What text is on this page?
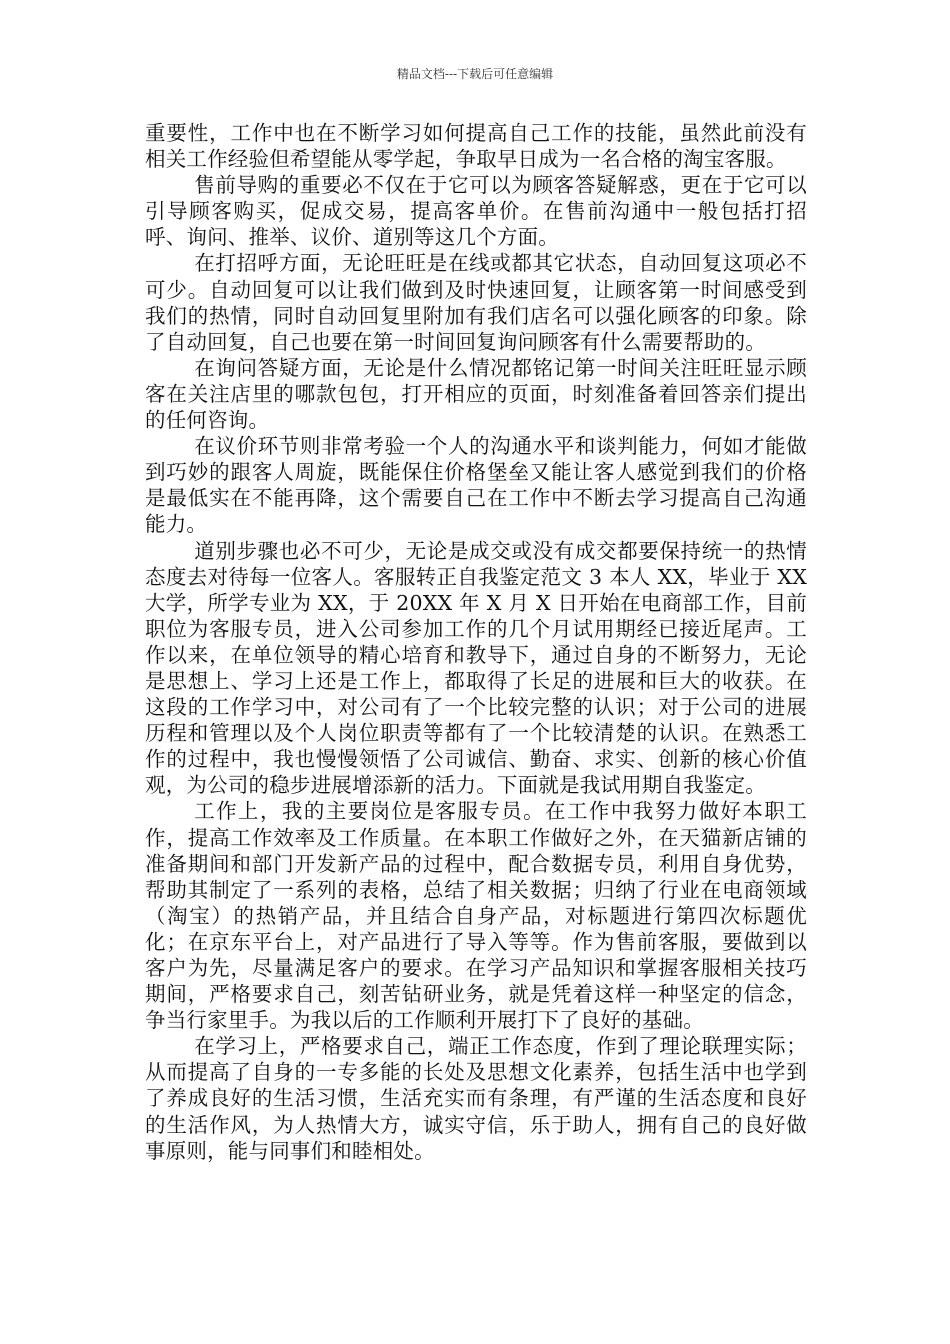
精品文档---下载后可任意编辑

重要性，工作中也在不断学习如何提高自己工作的技能，虽然此前没有相关工作经验但希望能从零学起，争取早日成为一名合格的淘宝客服。

售前导购的重要必不仅在于它可以为顾客答疑解惑，更在于它可以引导顾客购买，促成交易，提高客单价。在售前沟通中一般包括打招呼、询问、推举、议价、道别等这几个方面。

在打招呼方面，无论旺旺是在线或都其它状态，自动回复这项必不可少。自动回复可以让我们做到及时快速回复，让顾客第一时间感受到我们的热情，同时自动回复里附加有我们店名可以强化顾客的印象。除了自动回复，自己也要在第一时间回复询问顾客有什么需要帮助的。

在询问答疑方面，无论是什么情况都铭记第一时间关注旺旺显示顾客在关注店里的哪款包包，打开相应的页面，时刻准备着回答亲们提出的任何咨询。

在议价环节则非常考验一个人的沟通水平和谈判能力，何如才能做到巧妙的跟客人周旋，既能保住价格堡垒又能让客人感觉到我们的价格是最低实在不能再降，这个需要自己在工作中不断去学习提高自己沟通能力。

道别步骤也必不可少，无论是成交或没有成交都要保持统一的热情态度去对待每一位客人。客服转正自我鉴定范文 3 本人 XX，毕业于 XX 大学，所学专业为 XX，于 20XX 年 X 月 X 日开始在电商部工作，目前职位为客服专员，进入公司参加工作的几个月试用期经已接近尾声。工作以来，在单位领导的精心培育和教导下，通过自身的不断努力，无论是思想上、学习上还是工作上，都取得了长足的进展和巨大的收获。在这段的工作学习中，对公司有了一个比较完整的认识；对于公司的进展历程和管理以及个人岗位职责等都有了一个比较清楚的认识。在熟悉工作的过程中，我也慢慢领悟了公司诚信、勤奋、求实、创新的核心价值观，为公司的稳步进展增添新的活力。下面就是我试用期自我鉴定。

工作上，我的主要岗位是客服专员。在工作中我努力做好本职工作，提高工作效率及工作质量。在本职工作做好之外，在天猫新店铺的准备期间和部门开发新产品的过程中，配合数据专员，利用自身优势，帮助其制定了一系列的表格，总结了相关数据；归纳了行业在电商领域（淘宝）的热销产品，并且结合自身产品，对标题进行第四次标题优化；在京东平台上，对产品进行了导入等等。作为售前客服，要做到以客户为先，尽量满足客户的要求。在学习产品知识和掌握客服相关技巧期间，严格要求自己，刻苦钻研业务，就是凭着这样一种坚定的信念，争当行家里手。为我以后的工作顺利开展打下了良好的基础。

在学习上，严格要求自己，端正工作态度，作到了理论联理实际；从而提高了自身的一专多能的长处及思想文化素养，包括生活中也学到了养成良好的生活习惯，生活充实而有条理，有严谨的生活态度和良好的生活作风，为人热情大方，诚实守信，乐于助人，拥有自己的良好做事原则，能与同事们和睦相处。
